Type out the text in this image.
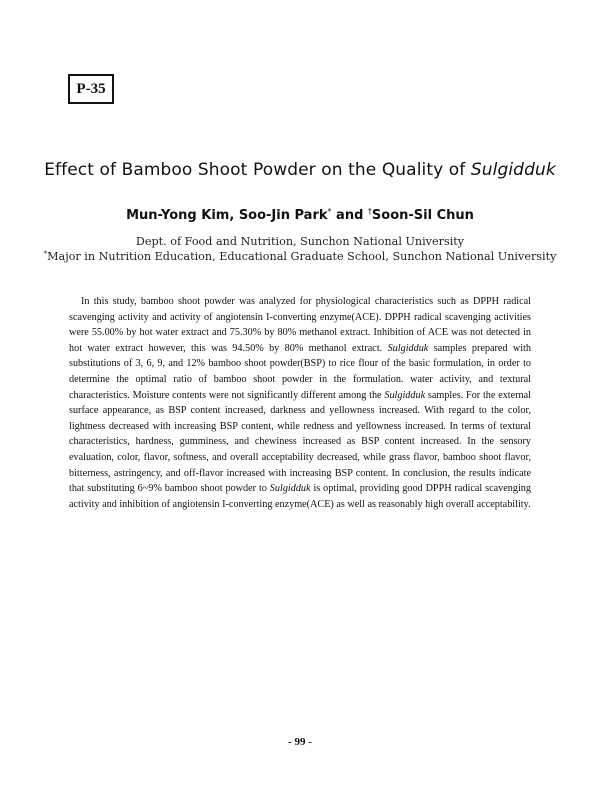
P-35
Effect of Bamboo Shoot Powder on the Quality of Sulgidduk
Mun-Yong Kim, Soo-Jin Park* and †Soon-Sil Chun
Dept. of Food and Nutrition, Sunchon National University
*Major in Nutrition Education, Educational Graduate School, Sunchon National University
In this study, bamboo shoot powder was analyzed for physiological characteristics such as DPPH radical scavenging activity and activity of angiotensin I-converting enzyme(ACE). DPPH radical scavenging activities were 55.00% by hot water extract and 75.30% by 80% methanol extract. Inhibition of ACE was not detected in hot water extract however, this was 94.50% by 80% methanol extract. Sulgidduk samples prepared with substitutions of 3, 6, 9, and 12% bamboo shoot powder(BSP) to rice flour of the basic formulation, in order to determine the optimal ratio of bamboo shoot powder in the formulation. water activity, and textural characteristics. Moisture contents were not significantly different among the Sulgidduk samples. For the external surface appearance, as BSP content increased, darkness and yellowness increased. With regard to the color, lightness decreased with increasing BSP content, while redness and yellowness increased. In terms of textural characteristics, hardness, gumminess, and chewiness increased as BSP content increased. In the sensory evaluation, color, flavor, softness, and overall acceptability decreased, while grass flavor, bamboo shoot flavor, bitterness, astringency, and off-flavor increased with increasing BSP content. In conclusion, the results indicate that substituting 6~9% bamboo shoot powder to Sulgidduk is optimal, providing good DPPH radical scavenging activity and inhibition of angiotensin I-converting enzyme(ACE) as well as reasonably high overall acceptability.
- 99 -
